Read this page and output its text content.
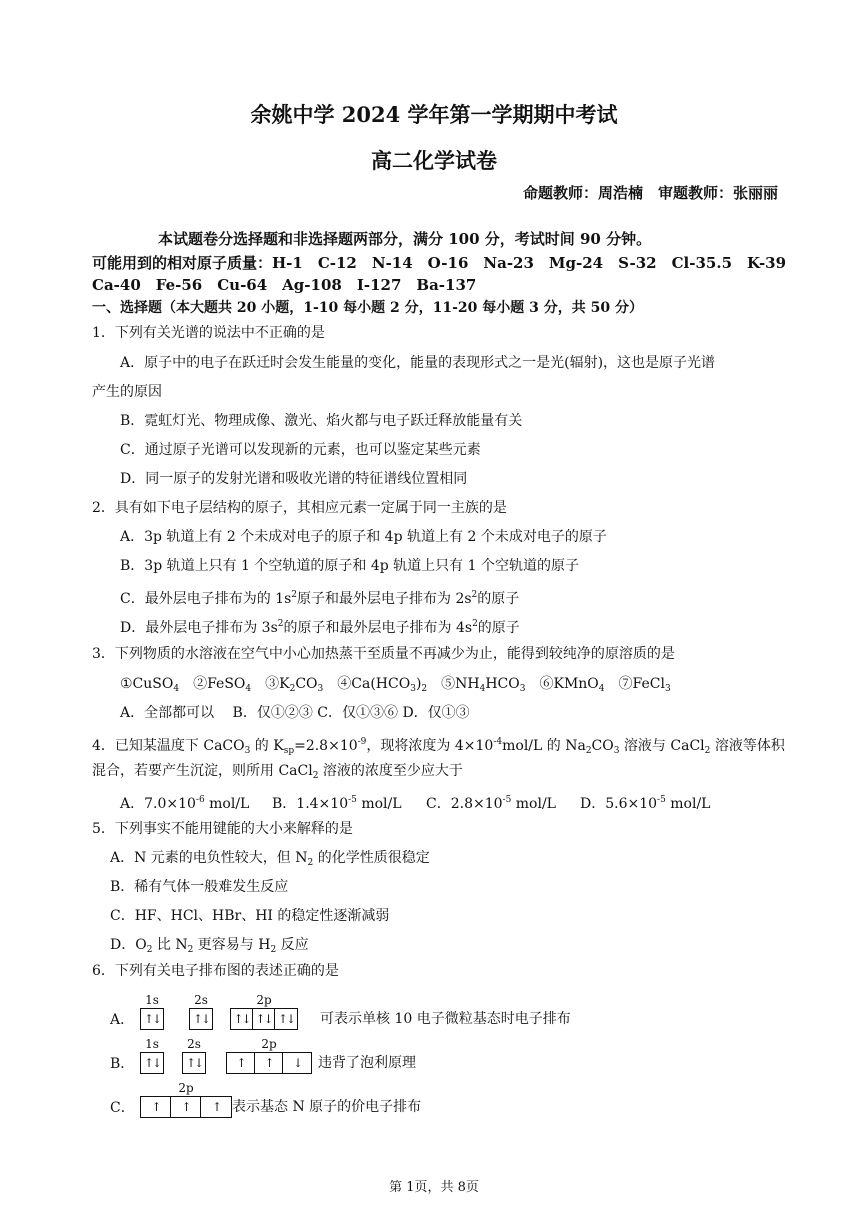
余姚中学 2024 学年第一学期期中考试
高二化学试卷
命题教师：周浩楠　审题教师：张丽丽
本试题卷分选择题和非选择题两部分，满分 100 分，考试时间 90 分钟。
可能用到的相对原子质量：H-1　C-12　N-14　O-16　Na-23　Mg-24　S-32　Cl-35.5　K-39
Ca-40　Fe-56　Cu-64　Ag-108　I-127　Ba-137
一、选择题（本大题共 20 小题，1-10 每小题 2 分，11-20 每小题 3 分，共 50 分）
1．下列有关光谱的说法中不正确的是
A．原子中的电子在跃迁时会发生能量的变化，能量的表现形式之一是光(辐射)，这也是原子光谱
产生的原因
B．霓虹灯光、物理成像、激光、焰火都与电子跃迁释放能量有关
C．通过原子光谱可以发现新的元素，也可以鉴定某些元素
D．同一原子的发射光谱和吸收光谱的特征谱线位置相同
2．具有如下电子层结构的原子，其相应元素一定属于同一主族的是
A．3p 轨道上有 2 个未成对电子的原子和 4p 轨道上有 2 个未成对电子的原子
B．3p 轨道上只有 1 个空轨道的原子和 4p 轨道上只有 1 个空轨道的原子
C．最外层电子排布为的 $1s^2$原子和最外层电子排布为 $2s^2$的原子
D．最外层电子排布为 $3s^2$的原子和最外层电子排布为 $4s^2$的原子
3．下列物质的水溶液在空气中小心加热蒸干至质量不再减少为止，能得到较纯净的原溶质的是
①CuSO$_4$　②FeSO$_4$　$③K_2CO_3$　$④Ca(HCO_3)_2$　$⑤NH_4HCO_3$　⑥KMnO$_4$　⑦FeCl$_3$
A．全部都可以　 B．仅①②③ C．仅①③⑥ D．仅①③
4．已知某温度下 CaCO$_3$ 的 $K_{sp}=2.8\times 10^{-9}$，现将浓度为 $4\times 10^{-4}mol/L$ 的 $Na_2CO_3$ 溶液与 CaCl$_2$ 溶液等体积
混合，若要产生沉淀，则所用 CaCl$_2$ 溶液的浓度至少应大于
A．$7.0\times 10^{-6}$ mol/L B．$1.4\times 10^{-5}$ mol/L C．$2.8\times 10^{-5}$ mol/L D．$5.6\times 10^{-5}$ mol/L
5．下列事实不能用键能的大小来解释的是
A．N 元素的电负性较大，但 $N_2$ 的化学性质很稳定
B．稀有气体一般难发生反应
C．HF、HCl、HBr、HI 的稳定性逐渐减弱
D．$O_2$ 比 $N_2$ 更容易与 $H_2$ 反应
6．下列有关电子排布图的表述正确的是
A．
1s
↑↓
2s
↑↓
2p
↑↓ ↑↓ ↑↓ 可表示单核 10 电子微粒基态时电子排布
B．
1s
↑↓
2s
↑↓
2p
↑	↑	↓	违背了泡利原理
C．
2p
↑	↑	↑ 表示基态 N 原子的价电子排布
第 1页，共 8页
